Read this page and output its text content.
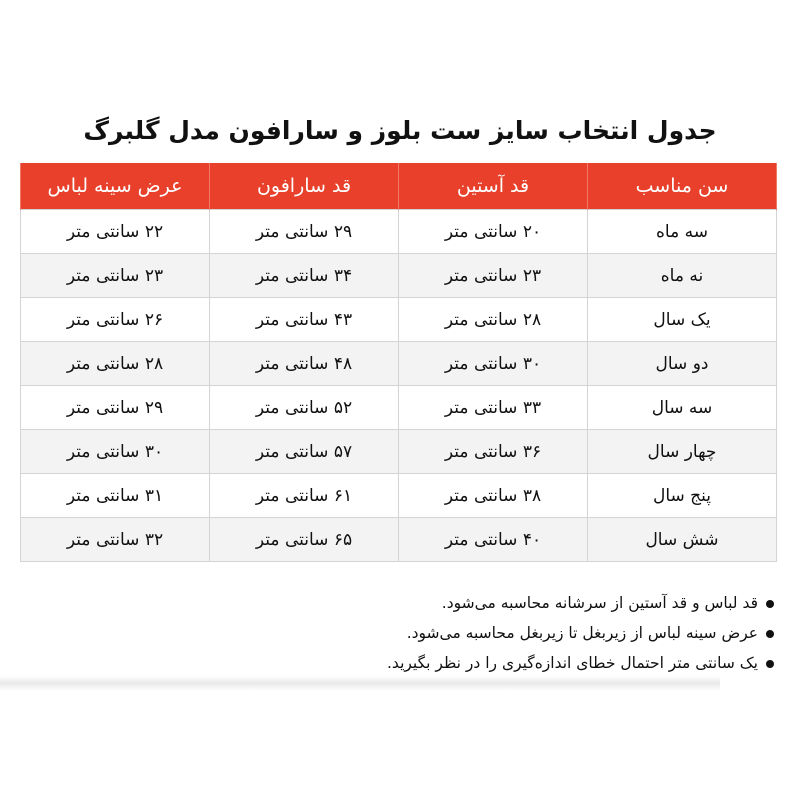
جدول انتخاب سایز ست بلوز و سارافون مدل گلبرگ
سن مناسب	قد آستین	قد سارافون	عرض سینه لباس
سه ماه	۲۰ سانتی متر	۲۹ سانتی متر	۲۲ سانتی متر
نه ماه	۲۳ سانتی متر	۳۴ سانتی متر	۲۳ سانتی متر
یک سال	۲۸ سانتی متر	۴۳ سانتی متر	۲۶ سانتی متر
دو سال	۳۰ سانتی متر	۴۸ سانتی متر	۲۸ سانتی متر
سه سال	۳۳ سانتی متر	۵۲ سانتی متر	۲۹ سانتی متر
چهار سال	۳۶ سانتی متر	۵۷ سانتی متر	۳۰ سانتی متر
پنج سال	۳۸ سانتی متر	۶۱ سانتی متر	۳۱ سانتی متر
شش سال	۴۰ سانتی متر	۶۵ سانتی متر	۳۲ سانتی متر
قد لباس و قد آستین از سرشانه محاسبه می‌شود.
عرض سینه لباس از زیربغل تا زیربغل محاسبه می‌شود.
یک سانتی متر احتمال خطای اندازه‌گیری را در نظر بگیرید.
